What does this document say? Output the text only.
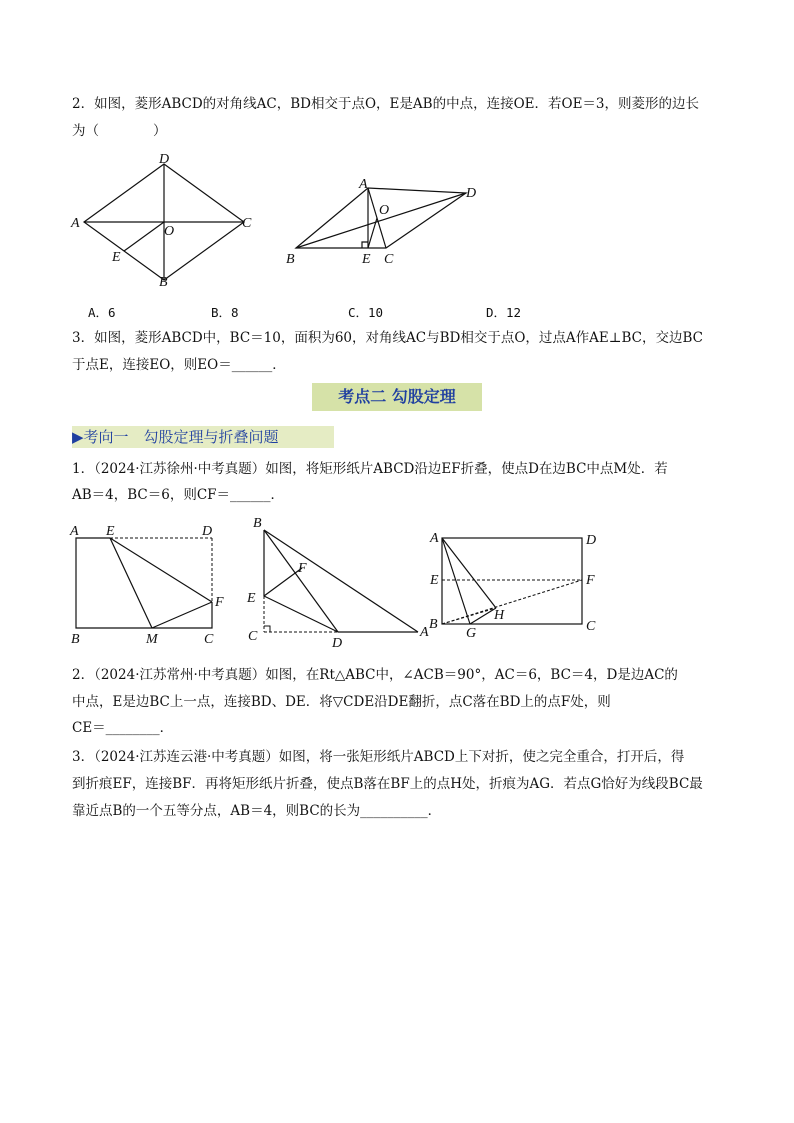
2．如图，菱形ABCD的对角线AC，BD相交于点O，E是AB的中点，连接OE．若OE＝3，则菱形的边长
为（　　　　）
A
D
C
B
O
E
A
D
O
B	E C
A．6	B．8	C．10	D．12
3．如图，菱形ABCD中，BC＝10，面积为60，对角线AC与BD相交于点O，过点A作AE⊥BC，交边BC
于点E，连接EO，则EO＝______．
考点二 勾股定理
▶考向一　勾股定理与折叠问题
1．（2024·江苏徐州·中考真题）如图，将矩形纸片ABCD沿边EF折叠，使点D在边BC中点M处．若
AB＝4，BC＝6，则CF＝______．
A E	D
F
B	M	C
B
F
E
C	D
A
A	D
E	F
H
B
G	C
2．（2024·江苏常州·中考真题）如图，在Rt△ABC中，∠ACB＝90°，AC＝6，BC＝4，D是边AC的
中点，E是边BC上一点，连接BD、DE．将▽CDE沿DE翻折，点C落在BD上的点F处，则
CE＝________．
3．（2024·江苏连云港·中考真题）如图，将一张矩形纸片ABCD上下对折，使之完全重合，打开后，得
到折痕EF，连接BF．再将矩形纸片折叠，使点B落在BF上的点H处，折痕为AG．若点G恰好为线段BC最
靠近点B的一个五等分点，AB＝4，则BC的长为__________．
